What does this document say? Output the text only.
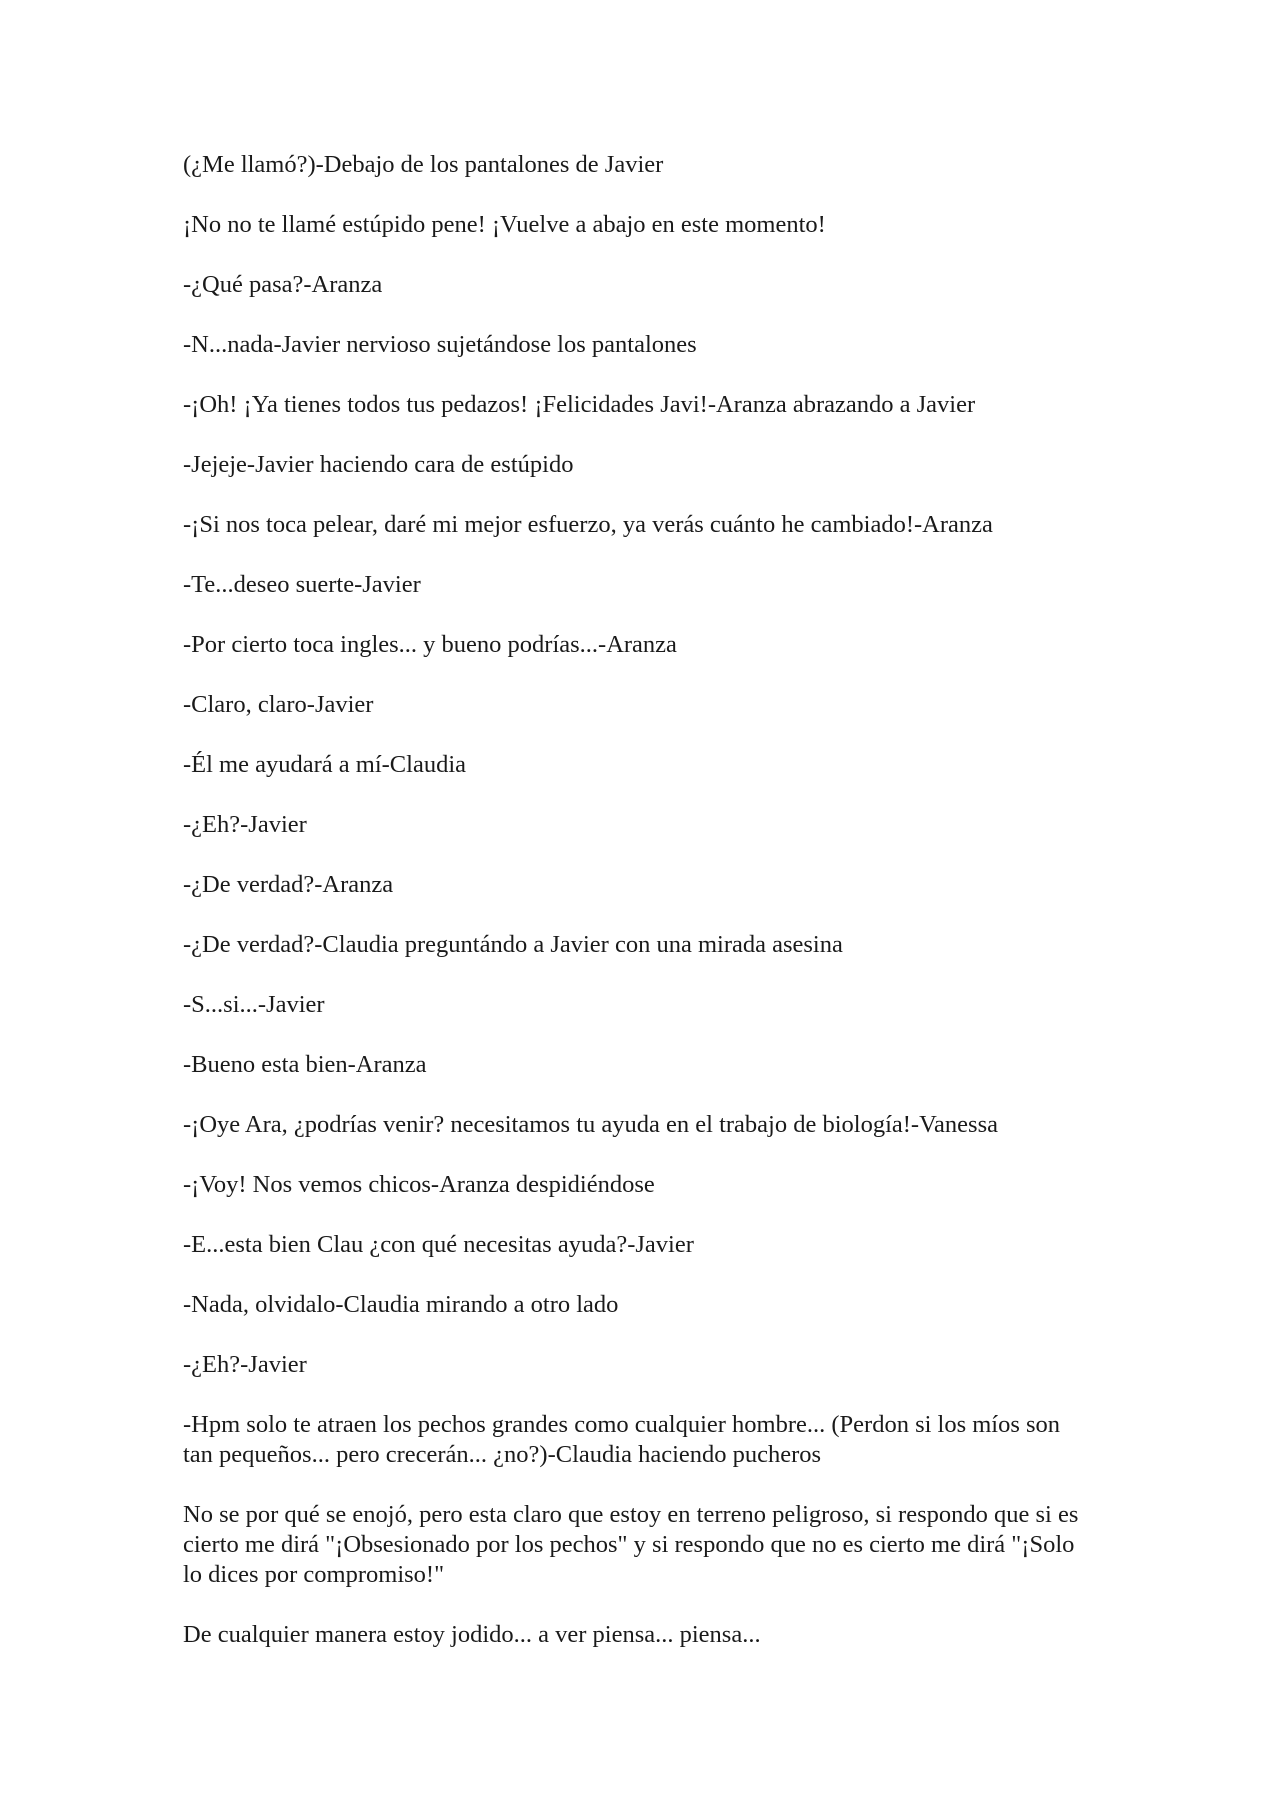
(¿Me llamó?)-Debajo de los pantalones de Javier

¡No no te llamé estúpido pene! ¡Vuelve a abajo en este momento!

-¿Qué pasa?-Aranza

-N...nada-Javier nervioso sujetándose los pantalones

-¡Oh! ¡Ya tienes todos tus pedazos! ¡Felicidades Javi!-Aranza abrazando a Javier

-Jejeje-Javier haciendo cara de estúpido

-¡Si nos toca pelear, daré mi mejor esfuerzo, ya verás cuánto he cambiado!-Aranza

-Te...deseo suerte-Javier

-Por cierto toca ingles... y bueno podrías...-Aranza

-Claro, claro-Javier

-Él me ayudará a mí-Claudia

-¿Eh?-Javier

-¿De verdad?-Aranza

-¿De verdad?-Claudia preguntándo a Javier con una mirada asesina

-S...si...-Javier

-Bueno esta bien-Aranza

-¡Oye Ara, ¿podrías venir? necesitamos tu ayuda en el trabajo de biología!-Vanessa

-¡Voy! Nos vemos chicos-Aranza despidiéndose

-E...esta bien Clau ¿con qué necesitas ayuda?-Javier

-Nada, olvidalo-Claudia mirando a otro lado

-¿Eh?-Javier

-Hpm solo te atraen los pechos grandes como cualquier hombre... (Perdon si los míos son tan pequeños... pero crecerán... ¿no?)-Claudia haciendo pucheros

No se por qué se enojó, pero esta claro que estoy en terreno peligroso, si respondo que si es cierto me dirá "¡Obsesionado por los pechos" y si respondo que no es cierto me dirá "¡Solo lo dices por compromiso!"

De cualquier manera estoy jodido... a ver piensa... piensa...
